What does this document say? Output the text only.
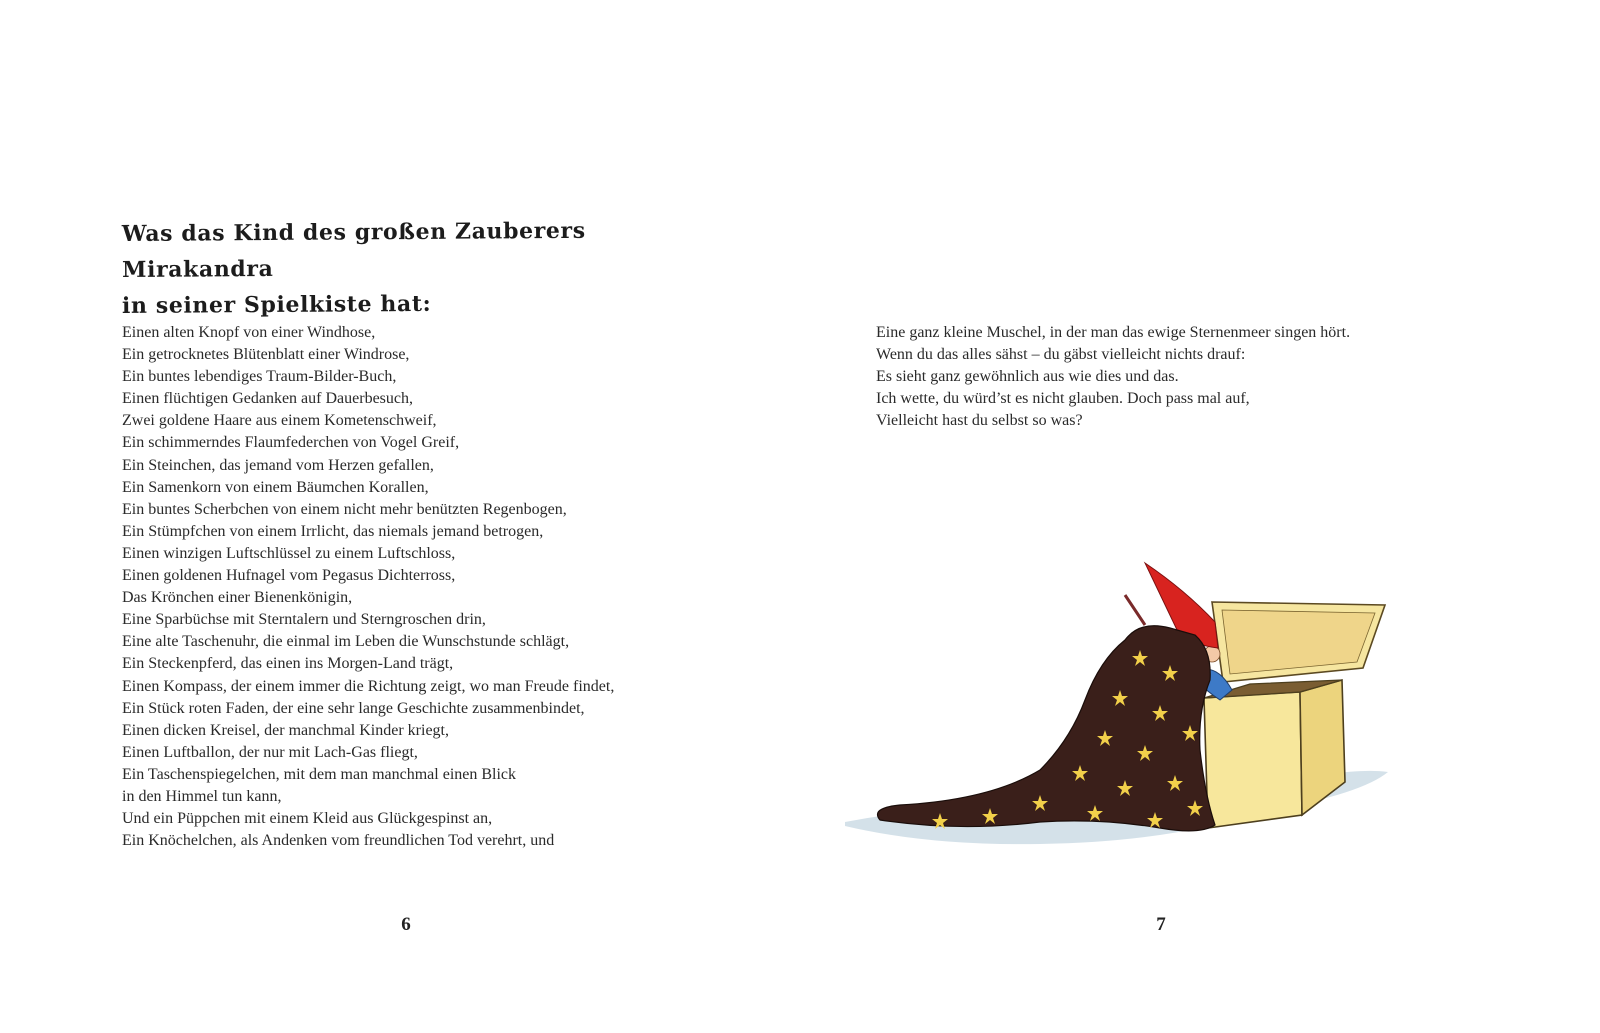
Was das Kind des großen Zauberers Mirakandra
in seiner Spielkiste hat:
Einen alten Knopf von einer Windhose,
Ein getrocknetes Blütenblatt einer Windrose,
Ein buntes lebendiges Traum-Bilder-Buch,
Einen flüchtigen Gedanken auf Dauerbesuch,
Zwei goldene Haare aus einem Kometenschweif,
Ein schimmerndes Flaumfederchen von Vogel Greif,
Ein Steinchen, das jemand vom Herzen gefallen,
Ein Samenkorn von einem Bäumchen Korallen,
Ein buntes Scherbchen von einem nicht mehr benützten Regenbogen,
Ein Stümpfchen von einem Irrlicht, das niemals jemand betrogen,
Einen winzigen Luftschlüssel zu einem Luftschloss,
Einen goldenen Hufnagel vom Pegasus Dichterross,
Das Krönchen einer Bienenkönigin,
Eine Sparbüchse mit Sterntalern und Sterngroschen drin,
Eine alte Taschenuhr, die einmal im Leben die Wunschstunde schlägt,
Ein Steckenpferd, das einen ins Morgen-Land trägt,
Einen Kompass, der einem immer die Richtung zeigt, wo man Freude findet,
Ein Stück roten Faden, der eine sehr lange Geschichte zusammenbindet,
Einen dicken Kreisel, der manchmal Kinder kriegt,
Einen Luftballon, der nur mit Lach-Gas fliegt,
Ein Taschenspiegelchen, mit dem man manchmal einen Blick
in den Himmel tun kann,
Und ein Püppchen mit einem Kleid aus Glückgespinst an,
Ein Knöchelchen, als Andenken vom freundlichen Tod verehrt, und
6
Eine ganz kleine Muschel, in der man das ewige Sternenmeer singen hört.
Wenn du das alles sähst – du gäbst vielleicht nichts drauf:
Es sieht ganz gewöhnlich aus wie dies und das.
Ich wette, du würd’st es nicht glauben. Doch pass mal auf,
Vielleicht hast du selbst so was?
7
